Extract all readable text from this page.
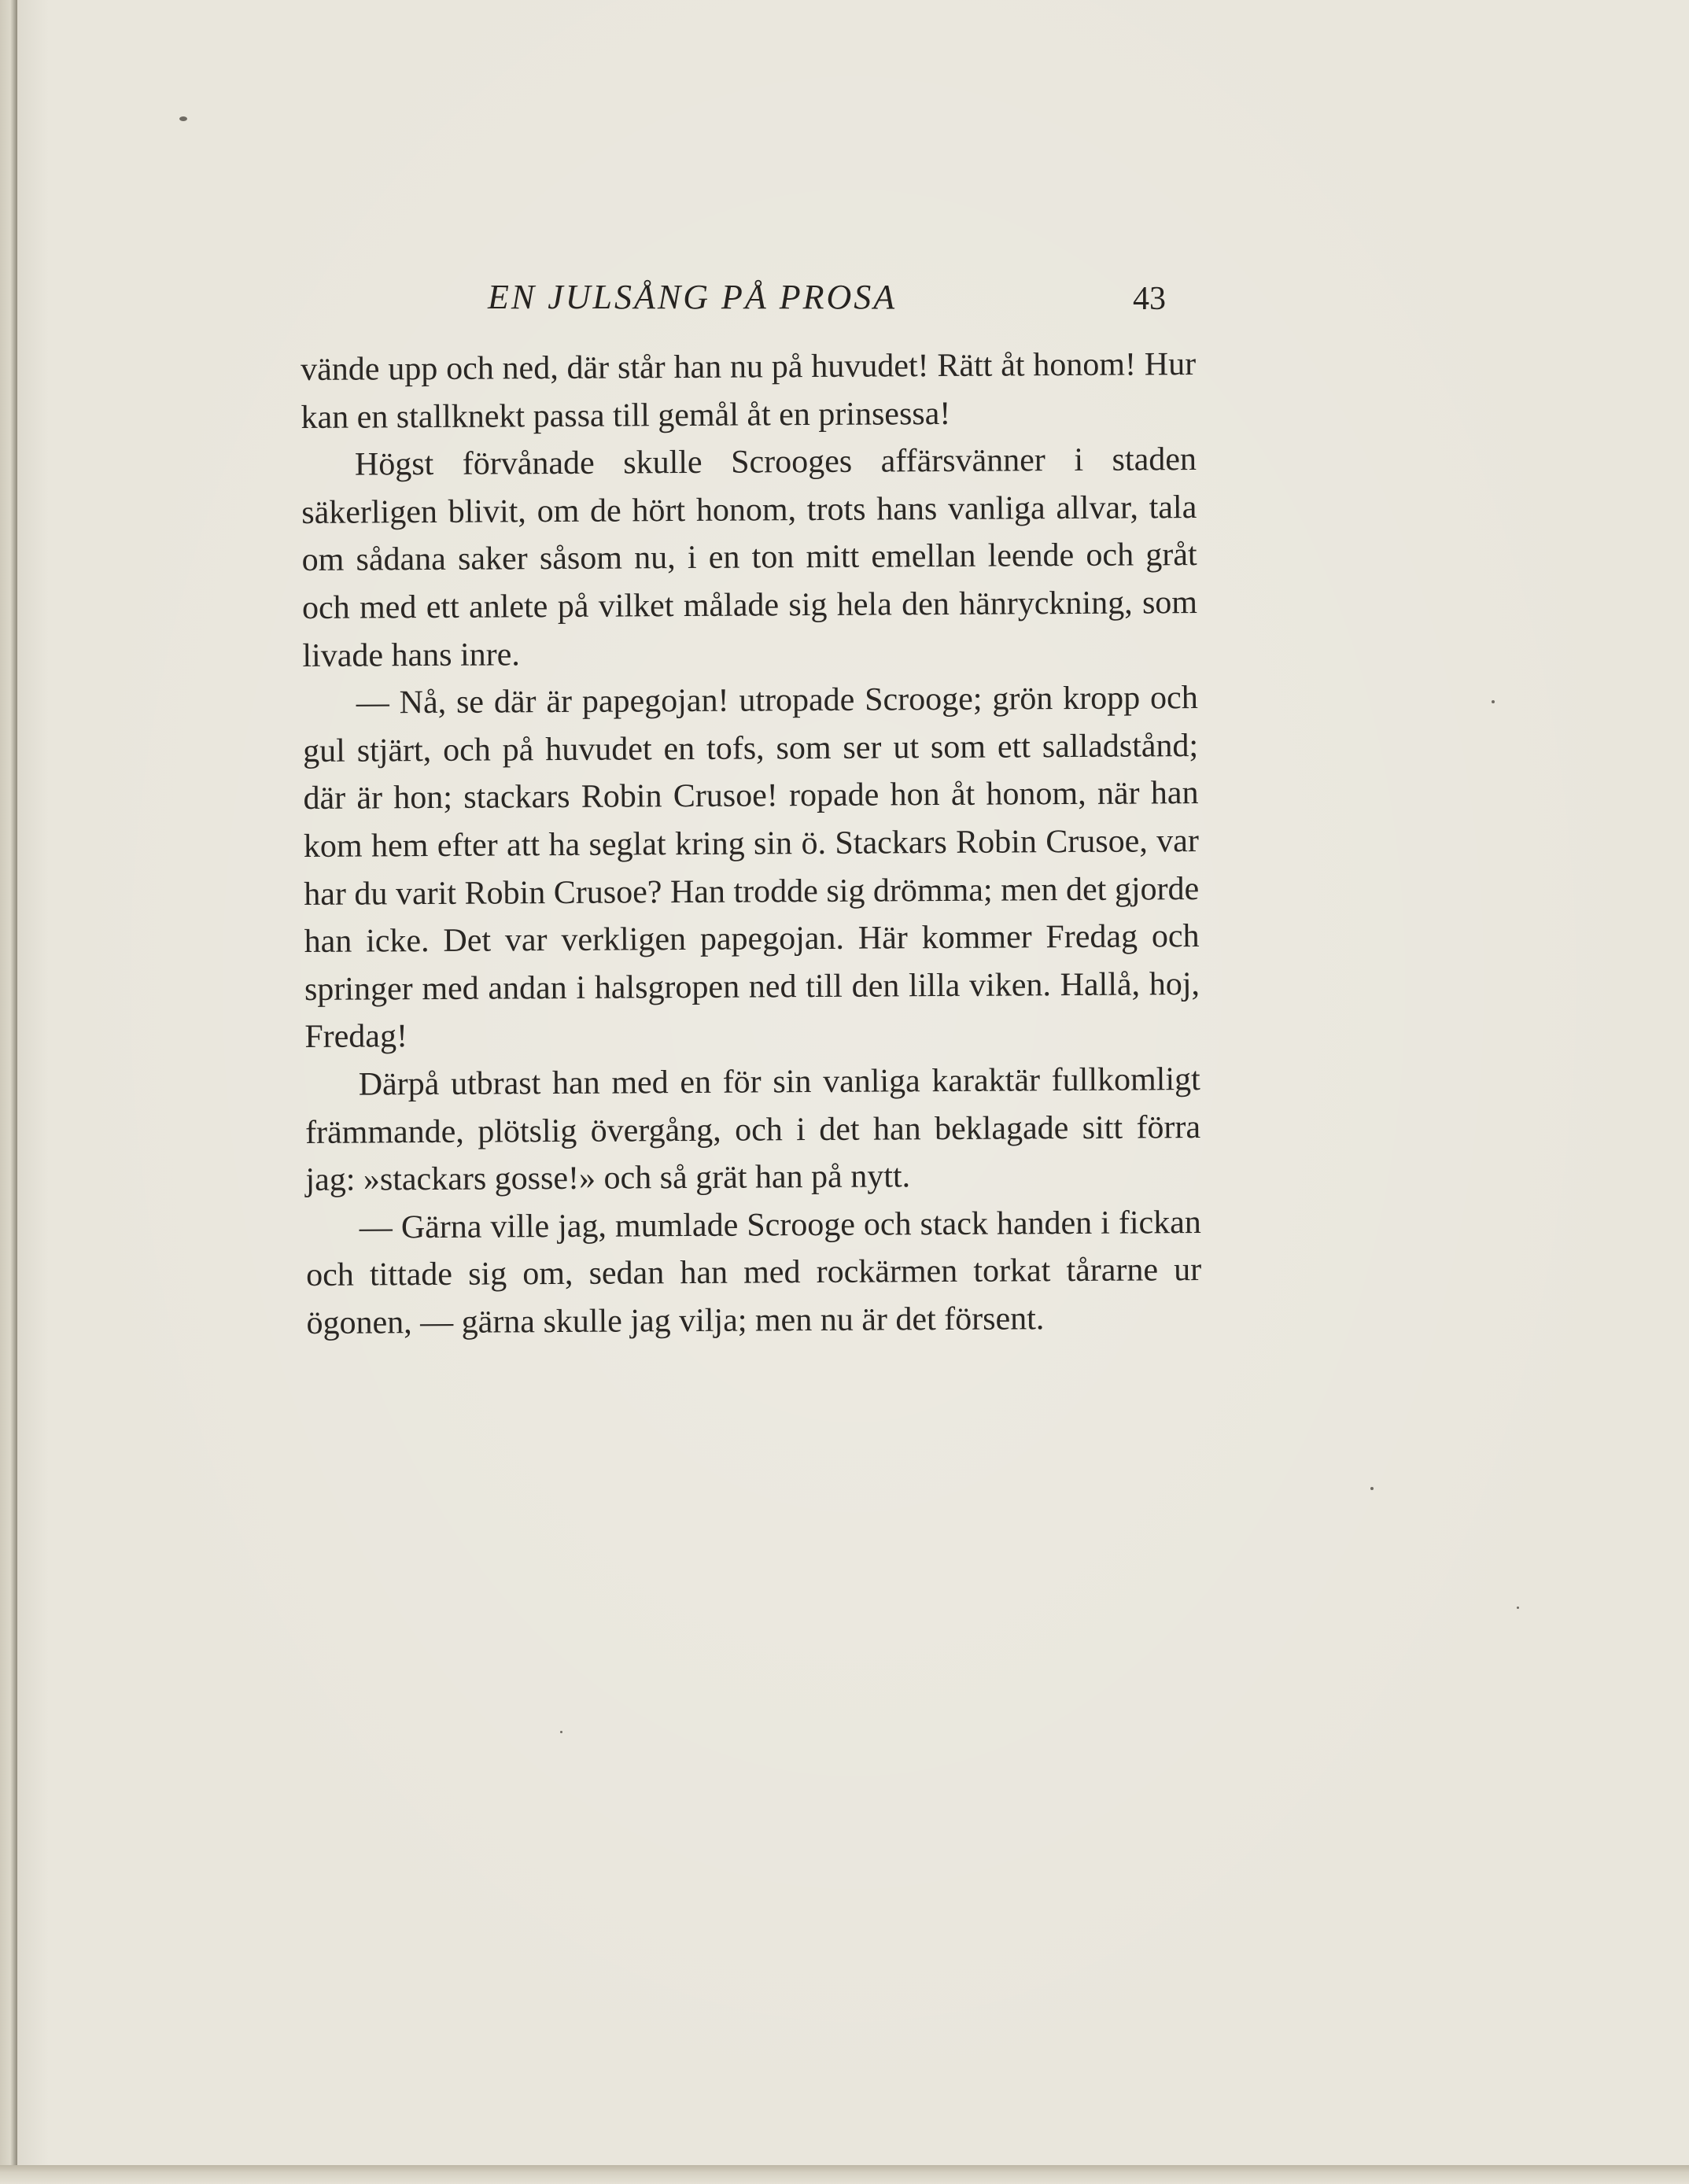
EN JULSÅNG PÅ PROSA	43

vände upp och ned, där står han nu på huvudet! Rätt åt honom! Hur kan en stallknekt passa till gemål åt en prinsessa!

Högst förvånade skulle Scrooges affärsvänner i staden säkerligen blivit, om de hört honom, trots hans vanliga allvar, tala om sådana saker såsom nu, i en ton mitt emellan leende och gråt och med ett anlete på vilket målade sig hela den hänryckning, som livade hans inre.

— Nå, se där är papegojan! utropade Scrooge; grön kropp och gul stjärt, och på huvudet en tofs, som ser ut som ett salladstånd; där är hon; stackars Robin Crusoe! ropade hon åt honom, när han kom hem efter att ha seglat kring sin ö. Stackars Robin Crusoe, var har du varit Robin Crusoe? Han trodde sig drömma; men det gjorde han icke. Det var verkligen papegojan. Här kommer Fredag och springer med andan i halsgropen ned till den lilla viken. Hallå, hoj, Fredag!

Därpå utbrast han med en för sin vanliga karaktär fullkomligt främmande, plötslig övergång, och i det han beklagade sitt förra jag: »stackars gosse!» och så grät han på nytt.

— Gärna ville jag, mumlade Scrooge och stack handen i fickan och tittade sig om, sedan han med rockärmen torkat tårarne ur ögonen, — gärna skulle jag vilja; men nu är det försent.
